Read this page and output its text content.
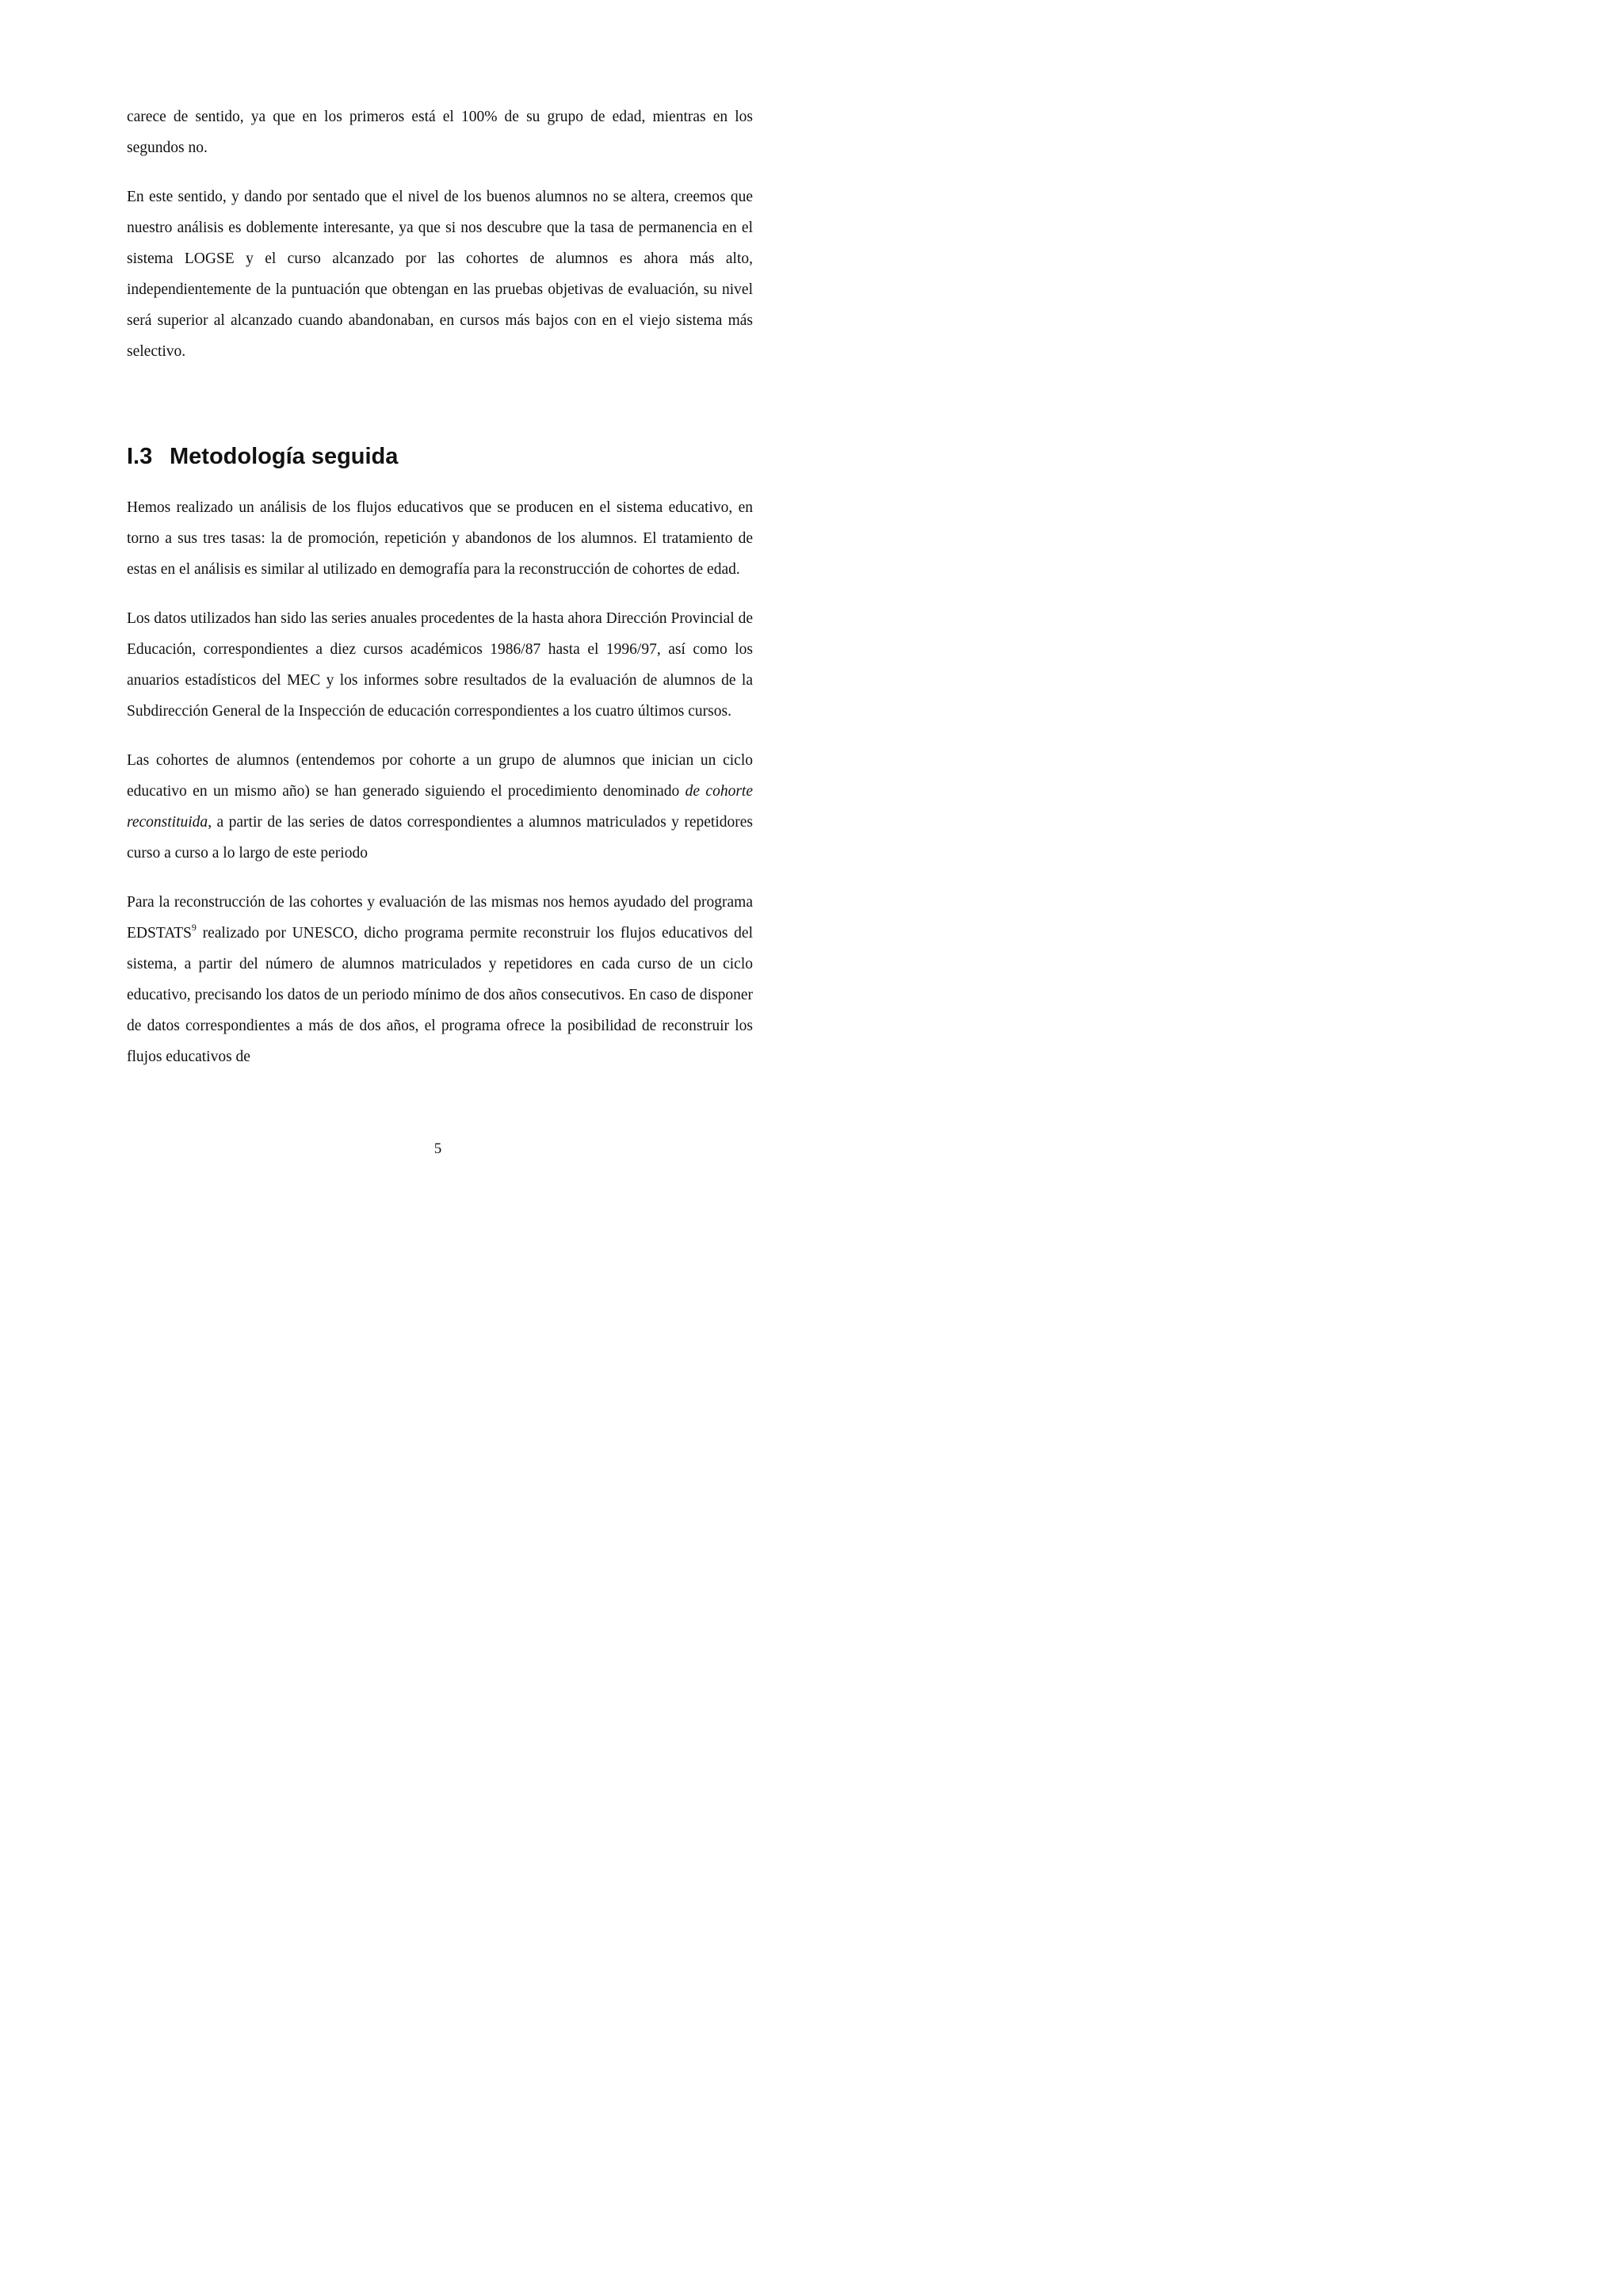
carece de sentido, ya que en los primeros está el 100% de su grupo de edad, mientras en los segundos no.

En este sentido, y dando por sentado que el nivel de los buenos alumnos no se altera, creemos que nuestro análisis es doblemente interesante, ya que si nos descubre que la tasa de permanencia en el sistema LOGSE y el curso alcanzado por las cohortes de alumnos es ahora más alto, independientemente de la puntuación que obtengan en las pruebas objetivas de evaluación, su nivel será superior al alcanzado cuando abandonaban, en cursos más bajos con en el viejo sistema más selectivo.

I.3 Metodología seguida

Hemos realizado un análisis de los flujos educativos que se producen en el sistema educativo, en torno a sus tres tasas: la de promoción, repetición y abandonos de los alumnos. El tratamiento de estas en el análisis es similar al utilizado en demografía para la reconstrucción de cohortes de edad.

Los datos utilizados han sido las series anuales procedentes de la hasta ahora Dirección Provincial de Educación, correspondientes a diez cursos académicos 1986/87 hasta el 1996/97, así como los anuarios estadísticos del MEC y los informes sobre resultados de la evaluación de alumnos de la Subdirección General de la Inspección de educación correspondientes a los cuatro últimos cursos.

Las cohortes de alumnos (entendemos por cohorte a un grupo de alumnos que inician un ciclo educativo en un mismo año) se han generado siguiendo el procedimiento denominado de cohorte reconstituida, a partir de las series de datos correspondientes a alumnos matriculados y repetidores curso a curso a lo largo de este periodo

Para la reconstrucción de las cohortes y evaluación de las mismas nos hemos ayudado del programa EDSTATS$^9$ realizado por UNESCO, dicho programa permite reconstruir los flujos educativos del sistema, a partir del número de alumnos matriculados y repetidores en cada curso de un ciclo educativo, precisando los datos de un periodo mínimo de dos años consecutivos. En caso de disponer de datos correspondientes a más de dos años, el programa ofrece la posibilidad de reconstruir los flujos educativos de

5
